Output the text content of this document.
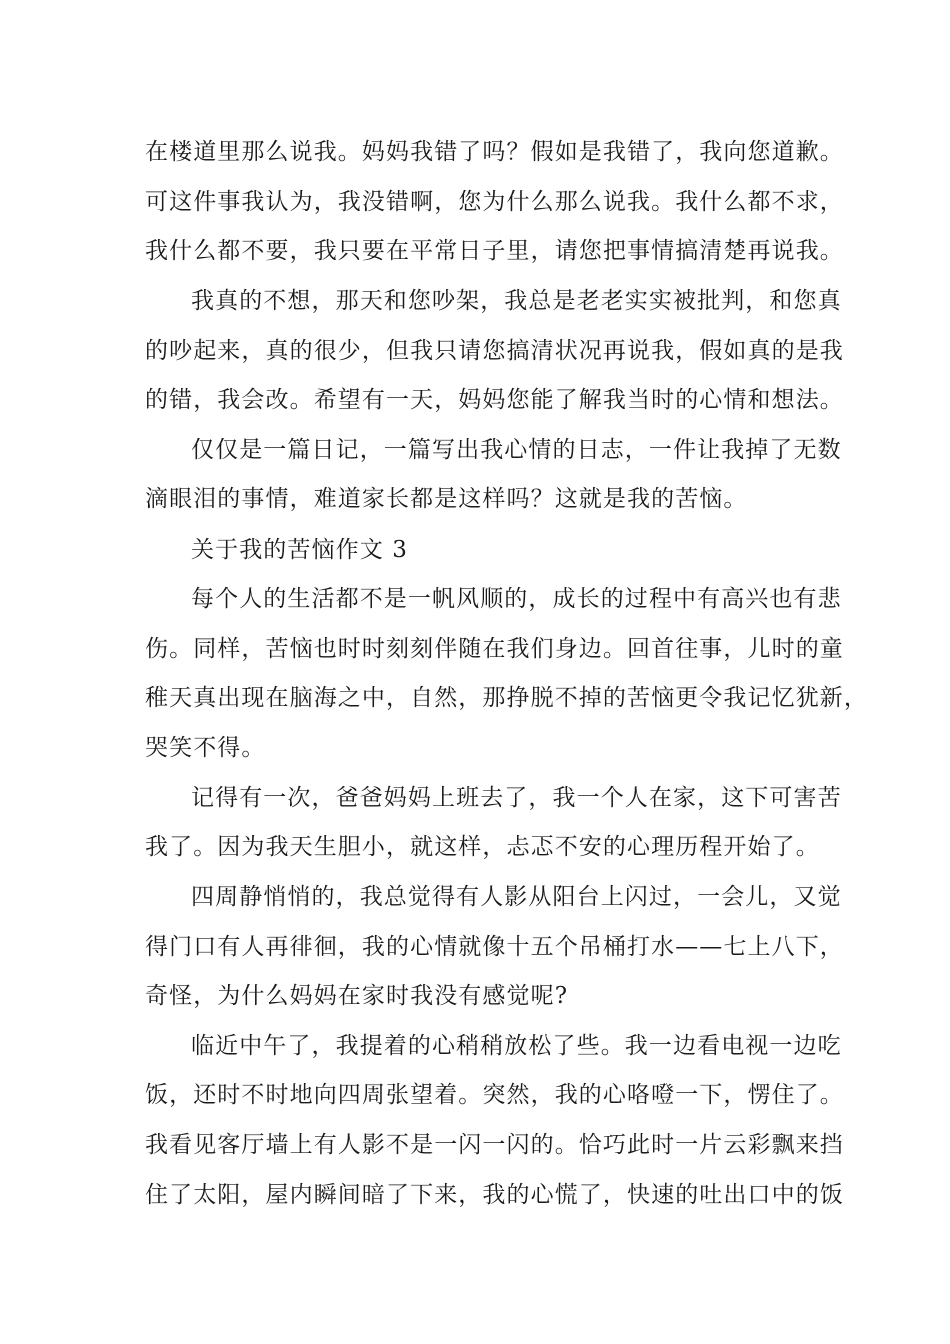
在楼道里那么说我。妈妈我错了吗？假如是我错了，我向您道歉。
可这件事我认为，我没错啊，您为什么那么说我。我什么都不求，
我什么都不要，我只要在平常日子里，请您把事情搞清楚再说我。
我真的不想，那天和您吵架，我总是老老实实被批判，和您真
的吵起来，真的很少，但我只请您搞清状况再说我，假如真的是我
的错，我会改。希望有一天，妈妈您能了解我当时的心情和想法。
仅仅是一篇日记，一篇写出我心情的日志，一件让我掉了无数
滴眼泪的事情，难道家长都是这样吗？这就是我的苦恼。
关于我的苦恼作文 3
每个人的生活都不是一帆风顺的，成长的过程中有高兴也有悲
伤。同样，苦恼也时时刻刻伴随在我们身边。回首往事，儿时的童
稚天真出现在脑海之中，自然，那挣脱不掉的苦恼更令我记忆犹新，
哭笑不得。
记得有一次，爸爸妈妈上班去了，我一个人在家，这下可害苦
我了。因为我天生胆小，就这样，忐忑不安的心理历程开始了。
四周静悄悄的，我总觉得有人影从阳台上闪过，一会儿，又觉
得门口有人再徘徊，我的心情就像十五个吊桶打水——七上八下，
奇怪，为什么妈妈在家时我没有感觉呢?
临近中午了，我提着的心稍稍放松了些。我一边看电视一边吃
饭，还时不时地向四周张望着。突然，我的心咯噔一下，愣住了。
我看见客厅墙上有人影不是一闪一闪的。恰巧此时一片云彩飘来挡
住了太阳，屋内瞬间暗了下来，我的心慌了，快速的吐出口中的饭
